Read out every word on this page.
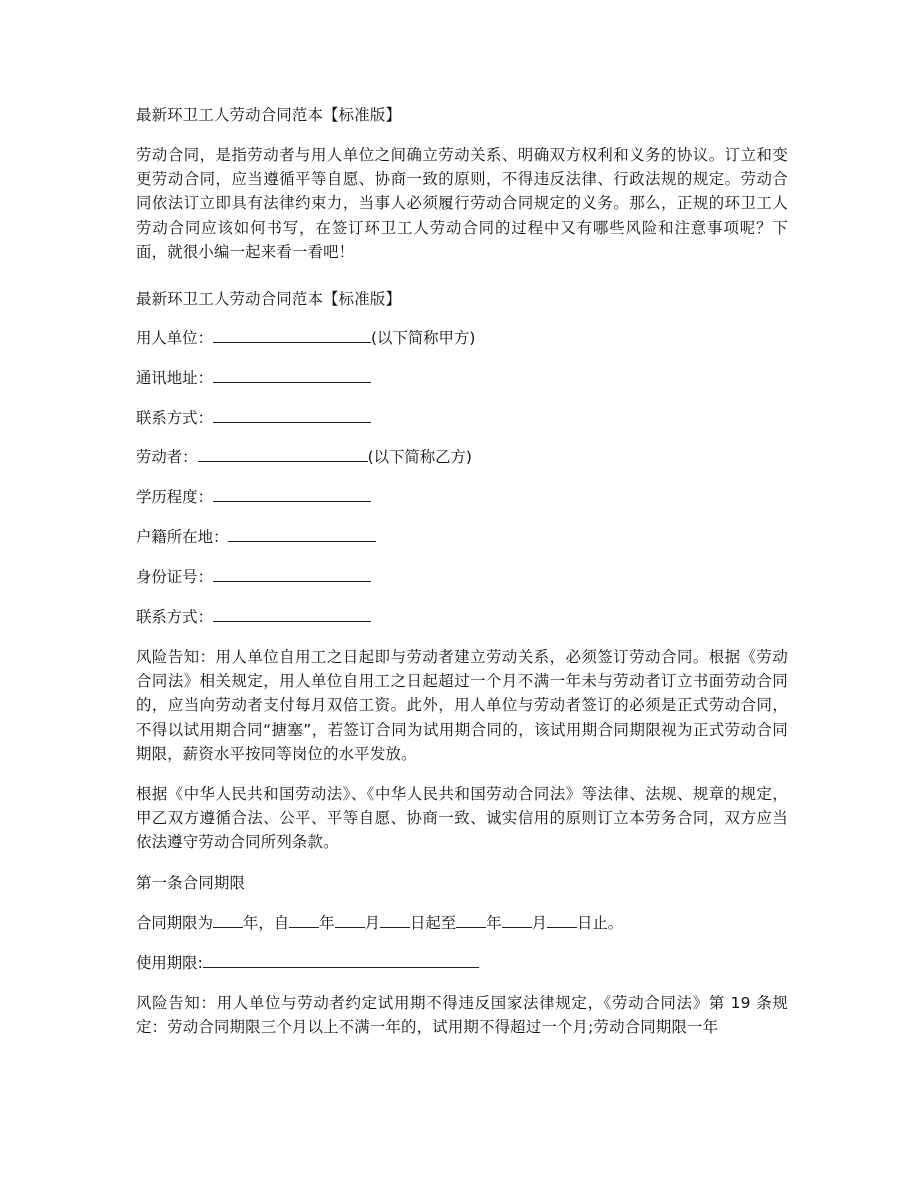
最新环卫工人劳动合同范本【标准版】

劳动合同，是指劳动者与用人单位之间确立劳动关系、明确双方权利和义务的协议。订立和变更劳动合同，应当遵循平等自愿、协商一致的原则，不得违反法律、行政法规的规定。劳动合同依法订立即具有法律约束力，当事人必须履行劳动合同规定的义务。那么，正规的环卫工人劳动合同应该如何书写，在签订环卫工人劳动合同的过程中又有哪些风险和注意事项呢？下面，就很小编一起来看一看吧！

最新环卫工人劳动合同范本【标准版】

用人单位：	(以下简称甲方)
通讯地址：
联系方式：
劳动者：	(以下简称乙方)
学历程度：
户籍所在地：
身份证号：
联系方式：

风险告知：用人单位自用工之日起即与劳动者建立劳动关系，必须签订劳动合同。根据《劳动合同法》相关规定，用人单位自用工之日起超过一个月不满一年未与劳动者订立书面劳动合同的，应当向劳动者支付每月双倍工资。此外，用人单位与劳动者签订的必须是正式劳动合同，不得以试用期合同“搪塞”，若签订合同为试用期合同的，该试用期合同期限视为正式劳动合同期限，薪资水平按同等岗位的水平发放。

根据《中华人民共和国劳动法》、《中华人民共和国劳动合同法》等法律、法规、规章的规定，甲乙双方遵循合法、公平、平等自愿、协商一致、诚实信用的原则订立本劳务合同，双方应当依法遵守劳动合同所列条款。

第一条合同期限

合同期限为 年，自 年 月 日起至 年 月 日止。
使用期限:

风险告知：用人单位与劳动者约定试用期不得违反国家法律规定，《劳动合同法》第 19 条规定：劳动合同期限三个月以上不满一年的，试用期不得超过一个月;劳动合同期限一年
